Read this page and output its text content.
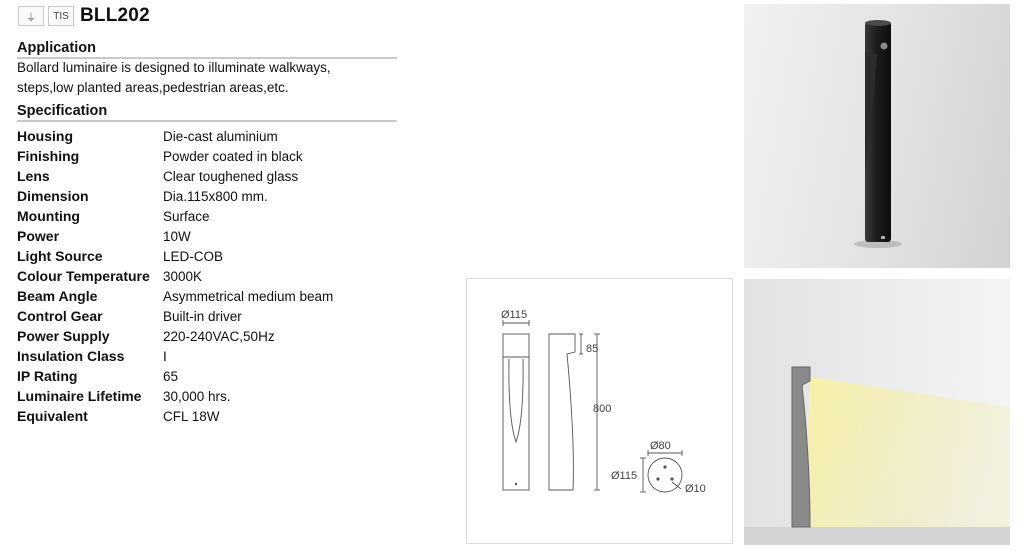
⏚ TIS BLL202
Application
Bollard luminaire is designed to illuminate walkways,
steps,low planted areas,pedestrian areas,etc.
Specification
Housing	Die-cast aluminium
Finishing	Powder coated in black
Lens	Clear toughened glass
Dimension	Dia.115x800 mm.
Mounting	Surface
Power	10W
Light Source	LED-COB
Colour Temperature 3000K
Beam Angle	Asymmetrical medium beam
Control Gear	Built-in driver
Power Supply	220-240VAC,50Hz
Insulation Class	I
IP Rating	65
Luminaire Lifetime	30,000 hrs.
Equivalent	CFL 18W
Ø115
85
800
Ø80
Ø115
Ø10
